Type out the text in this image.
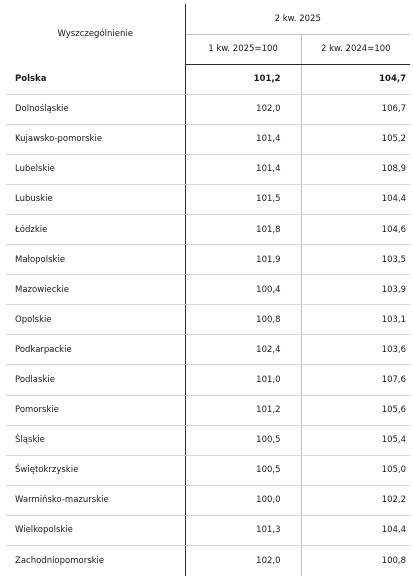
Wyszczególnienie	2 kw. 2025	
	1 kw. 2025=100	2 kw. 2024=100
Polska	101,2	104,7
Dolnośląskie	102,0	106,7
Kujawsko-pomorskie	101,4	105,2
Lubelskie	101,4	108,9
Lubuskie	101,5	104,4
Łódzkie	101,8	104,6
Małopolskie	101,9	103,5
Mazowieckie	100,4	103,9
Opolskie	100,8	103,1
Podkarpackie	102,4	103,6
Podlaskie	101,0	107,6
Pomorskie	101,2	105,6
Śląskie	100,5	105,4
Świętokrzyskie	100,5	105,0
Warmińsko-mazurskie	100,0	102,2
Wielkopolskie	101,3	104,4
Zachodniopomorskie	102,0	100,8
